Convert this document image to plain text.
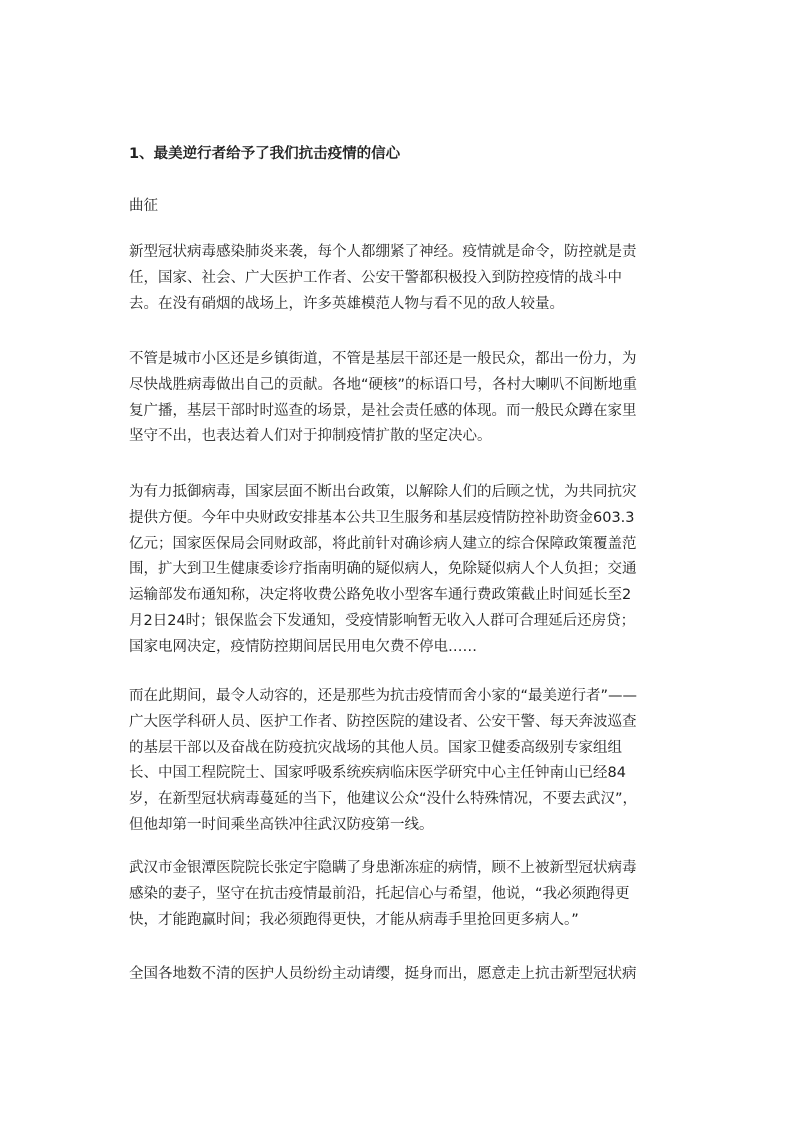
1、最美逆行者给予了我们抗击疫情的信心
曲征
新型冠状病毒感染肺炎来袭，每个人都绷紧了神经。疫情就是命令，防控就是责
任，国家、社会、广大医护工作者、公安干警都积极投入到防控疫情的战斗中
去。在没有硝烟的战场上，许多英雄模范人物与看不见的敌人较量。
不管是城市小区还是乡镇街道，不管是基层干部还是一般民众，都出一份力，为
尽快战胜病毒做出自己的贡献。各地“硬核”的标语口号，各村大喇叭不间断地重
复广播，基层干部时时巡查的场景，是社会责任感的体现。而一般民众蹲在家里
坚守不出，也表达着人们对于抑制疫情扩散的坚定决心。
为有力抵御病毒，国家层面不断出台政策，以解除人们的后顾之忧，为共同抗灾
提供方便。今年中央财政安排基本公共卫生服务和基层疫情防控补助资金603.3
亿元；国家医保局会同财政部，将此前针对确诊病人建立的综合保障政策覆盖范
围，扩大到卫生健康委诊疗指南明确的疑似病人，免除疑似病人个人负担；交通
运输部发布通知称，决定将收费公路免收小型客车通行费政策截止时间延长至2
月2日24时；银保监会下发通知，受疫情影响暂无收入人群可合理延后还房贷；
国家电网决定，疫情防控期间居民用电欠费不停电……
而在此期间，最令人动容的，还是那些为抗击疫情而舍小家的“最美逆行者”——
广大医学科研人员、医护工作者、防控医院的建设者、公安干警、每天奔波巡查
的基层干部以及奋战在防疫抗灾战场的其他人员。国家卫健委高级别专家组组
长、中国工程院院士、国家呼吸系统疾病临床医学研究中心主任钟南山已经84
岁，在新型冠状病毒蔓延的当下，他建议公众“没什么特殊情况，不要去武汉”，
但他却第一时间乘坐高铁冲往武汉防疫第一线。
武汉市金银潭医院院长张定宇隐瞒了身患渐冻症的病情，顾不上被新型冠状病毒
感染的妻子，坚守在抗击疫情最前沿，托起信心与希望，他说，“我必须跑得更
快，才能跑赢时间；我必须跑得更快，才能从病毒手里抢回更多病人。”
全国各地数不清的医护人员纷纷主动请缨，挺身而出，愿意走上抗击新型冠状病
